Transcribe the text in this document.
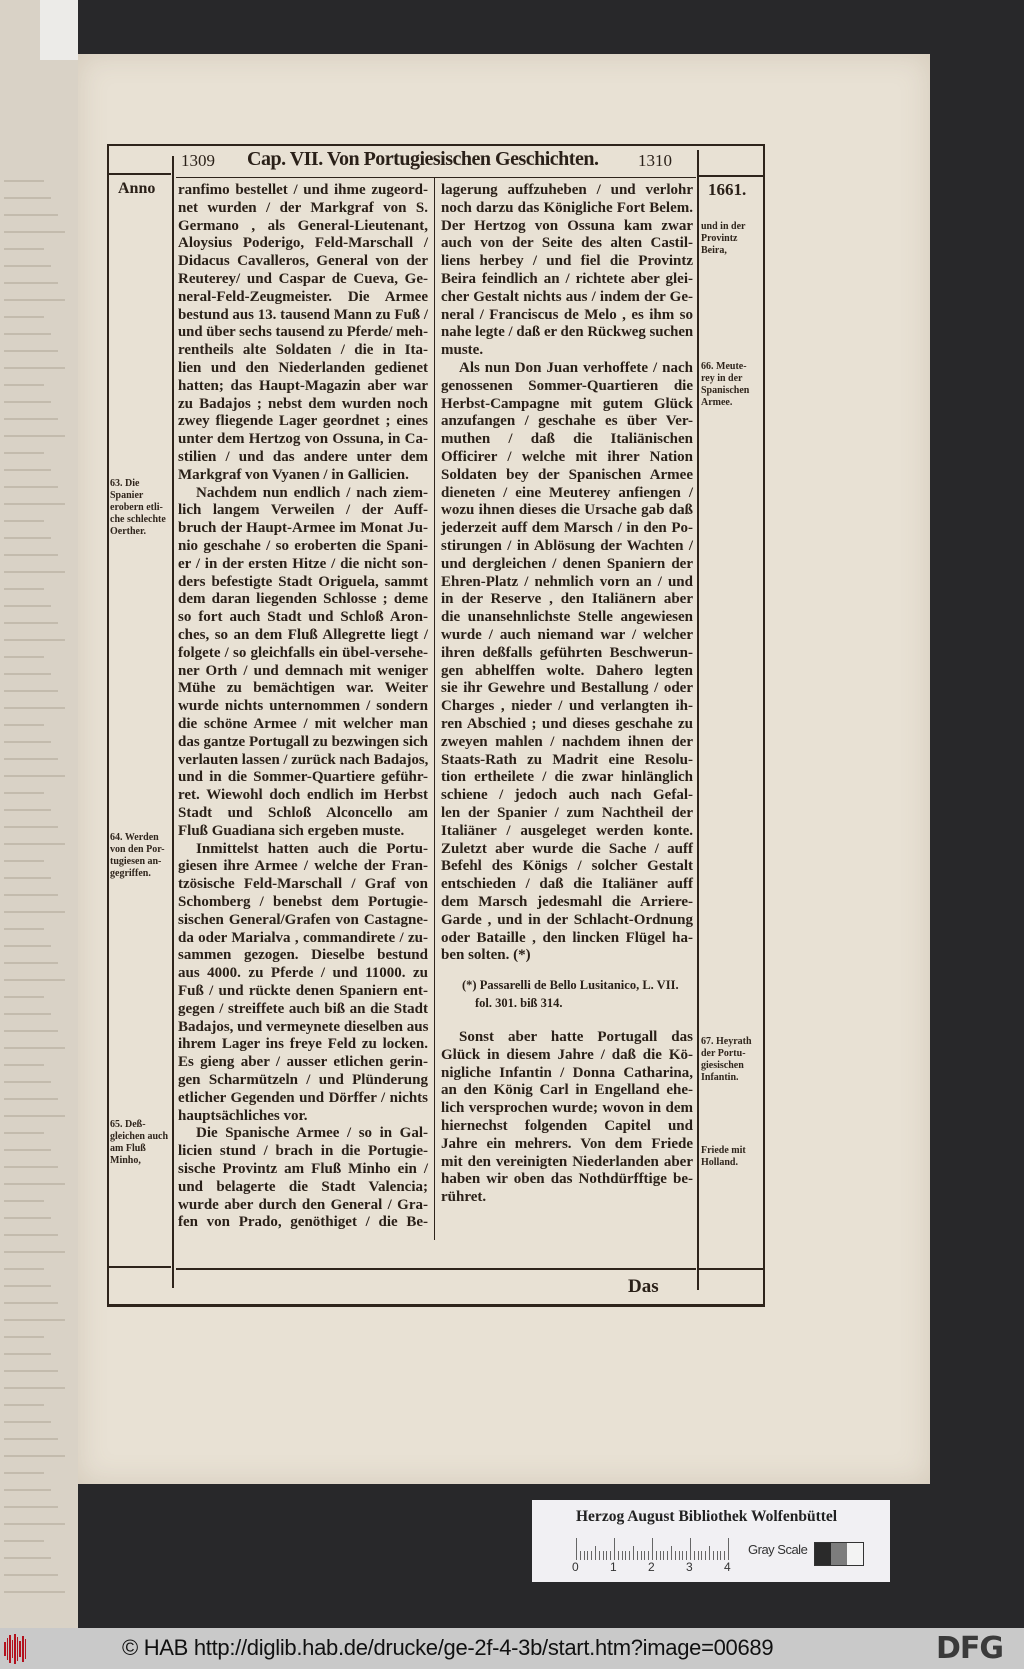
1309 Cap. VII. Von Portugiesischen Geschichten. 1310
Anno	1661.
ranfimo bestellet / und ihme zugeord-
net wurden / der Markgraf von S.
Germano , als General-Lieutenant,
Aloysius Poderigo, Feld-Marschall /
Didacus Cavalleros, General von der
Reuterey/ und Caspar de Cueva, Ge-
neral-Feld-Zeugmeister. Die Armee
bestund aus 13. tausend Mann zu Fuß /
und über sechs tausend zu Pferde/ meh-
rentheils alte Soldaten / die in Ita-
lien und den Niederlanden gedienet
hatten; das Haupt-Magazin aber war
zu Badajos ; nebst dem wurden noch
zwey fliegende Lager geordnet ; eines
unter dem Hertzog von Ossuna, in Ca-
stilien / und das andere unter dem
Markgraf von Vyanen / in Gallicien.
Nachdem nun endlich / nach ziem-
lich langem Verweilen / der Auff-
bruch der Haupt-Armee im Monat Ju-
nio geschahe / so eroberten die Spani-
er / in der ersten Hitze / die nicht son-
ders befestigte Stadt Origuela, sammt
dem daran liegenden Schlosse ; deme
so fort auch Stadt und Schloß Aron-
ches, so an dem Fluß Allegrette liegt /
folgete / so gleichfalls ein übel-versehe-
ner Orth / und demnach mit weniger
Mühe zu bemächtigen war. Weiter
wurde nichts unternommen / sondern
die schöne Armee / mit welcher man
das gantze Portugall zu bezwingen sich
verlauten lassen / zurück nach Badajos,
und in die Sommer-Quartiere geführ-
ret. Wiewohl doch endlich im Herbst
Stadt und Schloß Alconcello am
Fluß Guadiana sich ergeben muste.
Inmittelst hatten auch die Portu-
giesen ihre Armee / welche der Fran-
tzösische Feld-Marschall / Graf von
Schomberg / benebst dem Portugie-
sischen General/Grafen von Castagne-
da oder Marialva , commandirete / zu-
sammen gezogen. Dieselbe bestund
aus 4000. zu Pferde / und 11000. zu
Fuß / und rückte denen Spaniern ent-
gegen / streiffete auch biß an die Stadt
Badajos, und vermeynete dieselben aus
ihrem Lager ins freye Feld zu locken.
Es gieng aber / ausser etlichen gerin-
gen Scharmützeln / und Plünderung
etlicher Gegenden und Dörffer / nichts
hauptsächliches vor.
Die Spanische Armee / so in Gal-
licien stund / brach in die Portugie-
sische Provintz am Fluß Minho ein /
und belagerte die Stadt Valencia;
wurde aber durch den General / Gra-
fen von Prado, genöthiget / die Be-
lagerung auffzuheben / und verlohr
noch darzu das Königliche Fort Belem.
Der Hertzog von Ossuna kam zwar
auch von der Seite des alten Castil-
liens herbey / und fiel die Provintz
Beira feindlich an / richtete aber glei-
cher Gestalt nichts aus / indem der Ge-
neral / Franciscus de Melo , es ihm so
nahe legte / daß er den Rückweg suchen
muste.
Als nun Don Juan verhoffete / nach
genossenen Sommer-Quartieren die
Herbst-Campagne mit gutem Glück
anzufangen / geschahe es über Ver-
muthen / daß die Italiänischen
Officirer / welche mit ihrer Nation
Soldaten bey der Spanischen Armee
dieneten / eine Meuterey anfiengen /
wozu ihnen dieses die Ursache gab daß
jederzeit auff dem Marsch / in den Po-
stirungen / in Ablösung der Wachten /
und dergleichen / denen Spaniern der
Ehren-Platz / nehmlich vorn an / und
in der Reserve , den Italiänern aber
die unansehnlichste Stelle angewiesen
wurde / auch niemand war / welcher
ihren deßfalls geführten Beschwerun-
gen abhelffen wolte. Dahero legten
sie ihr Gewehre und Bestallung / oder
Charges , nieder / und verlangten ih-
ren Abschied ; und dieses geschahe zu
zweyen mahlen / nachdem ihnen der
Staats-Rath zu Madrit eine Resolu-
tion ertheilete / die zwar hinlänglich
schiene / jedoch auch nach Gefal-
len der Spanier / zum Nachtheil der
Italiäner / ausgeleget werden konte.
Zuletzt aber wurde die Sache / auff
Befehl des Königs / solcher Gestalt
entschieden / daß die Italiäner auff
dem Marsch jedesmahl die Arriere-
Garde , und in der Schlacht-Ordnung
oder Bataille , den lincken Flügel ha-
ben solten. (*)
Sonst aber hatte Portugall das
Glück in diesem Jahre / daß die Kö-
nigliche Infantin / Donna Catharina,
an den König Carl in Engelland ehe-
lich versprochen wurde; wovon in dem
hiernechst folgenden Capitel und
Jahre ein mehrers. Von dem Friede
mit den vereinigten Niederlanden aber
haben wir oben das Nothdürfftige be-
rühret.
63. Die
Spanier
erobern etli-
che schlechte
Oerther.
64. Werden
von den Por-
tugiesen an-
gegriffen.
65. Deß-
gleichen auch
am Fluß
Minho,
und in der
Provintz
Beira,
66. Meute-
rey in der
Spanischen
Armee.
67. Heyrath
der Portu-
giesischen
Infantin.
Friede mit
Holland.
(*) Passarelli de Bello Lusitanico, L. VII.
fol. 301. biß 314.
Das
Herzog August Bibliothek Wolfenbüttel
Gray Scale
0	1	2	3	4
© HAB http://diglib.hab.de/drucke/ge-2f-4-3b/start.htm?image=00689	DFG
